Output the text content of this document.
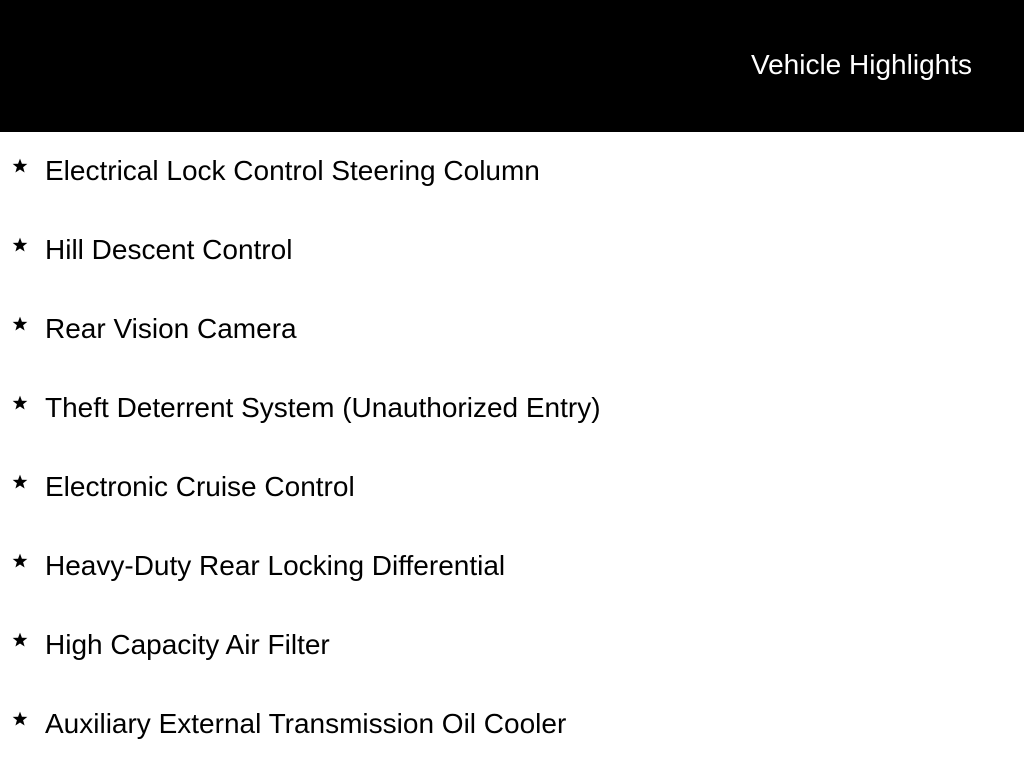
Vehicle Highlights
Electrical Lock Control Steering Column
Hill Descent Control
Rear Vision Camera
Theft Deterrent System (Unauthorized Entry)
Electronic Cruise Control
Heavy-Duty Rear Locking Differential
High Capacity Air Filter
Auxiliary External Transmission Oil Cooler
